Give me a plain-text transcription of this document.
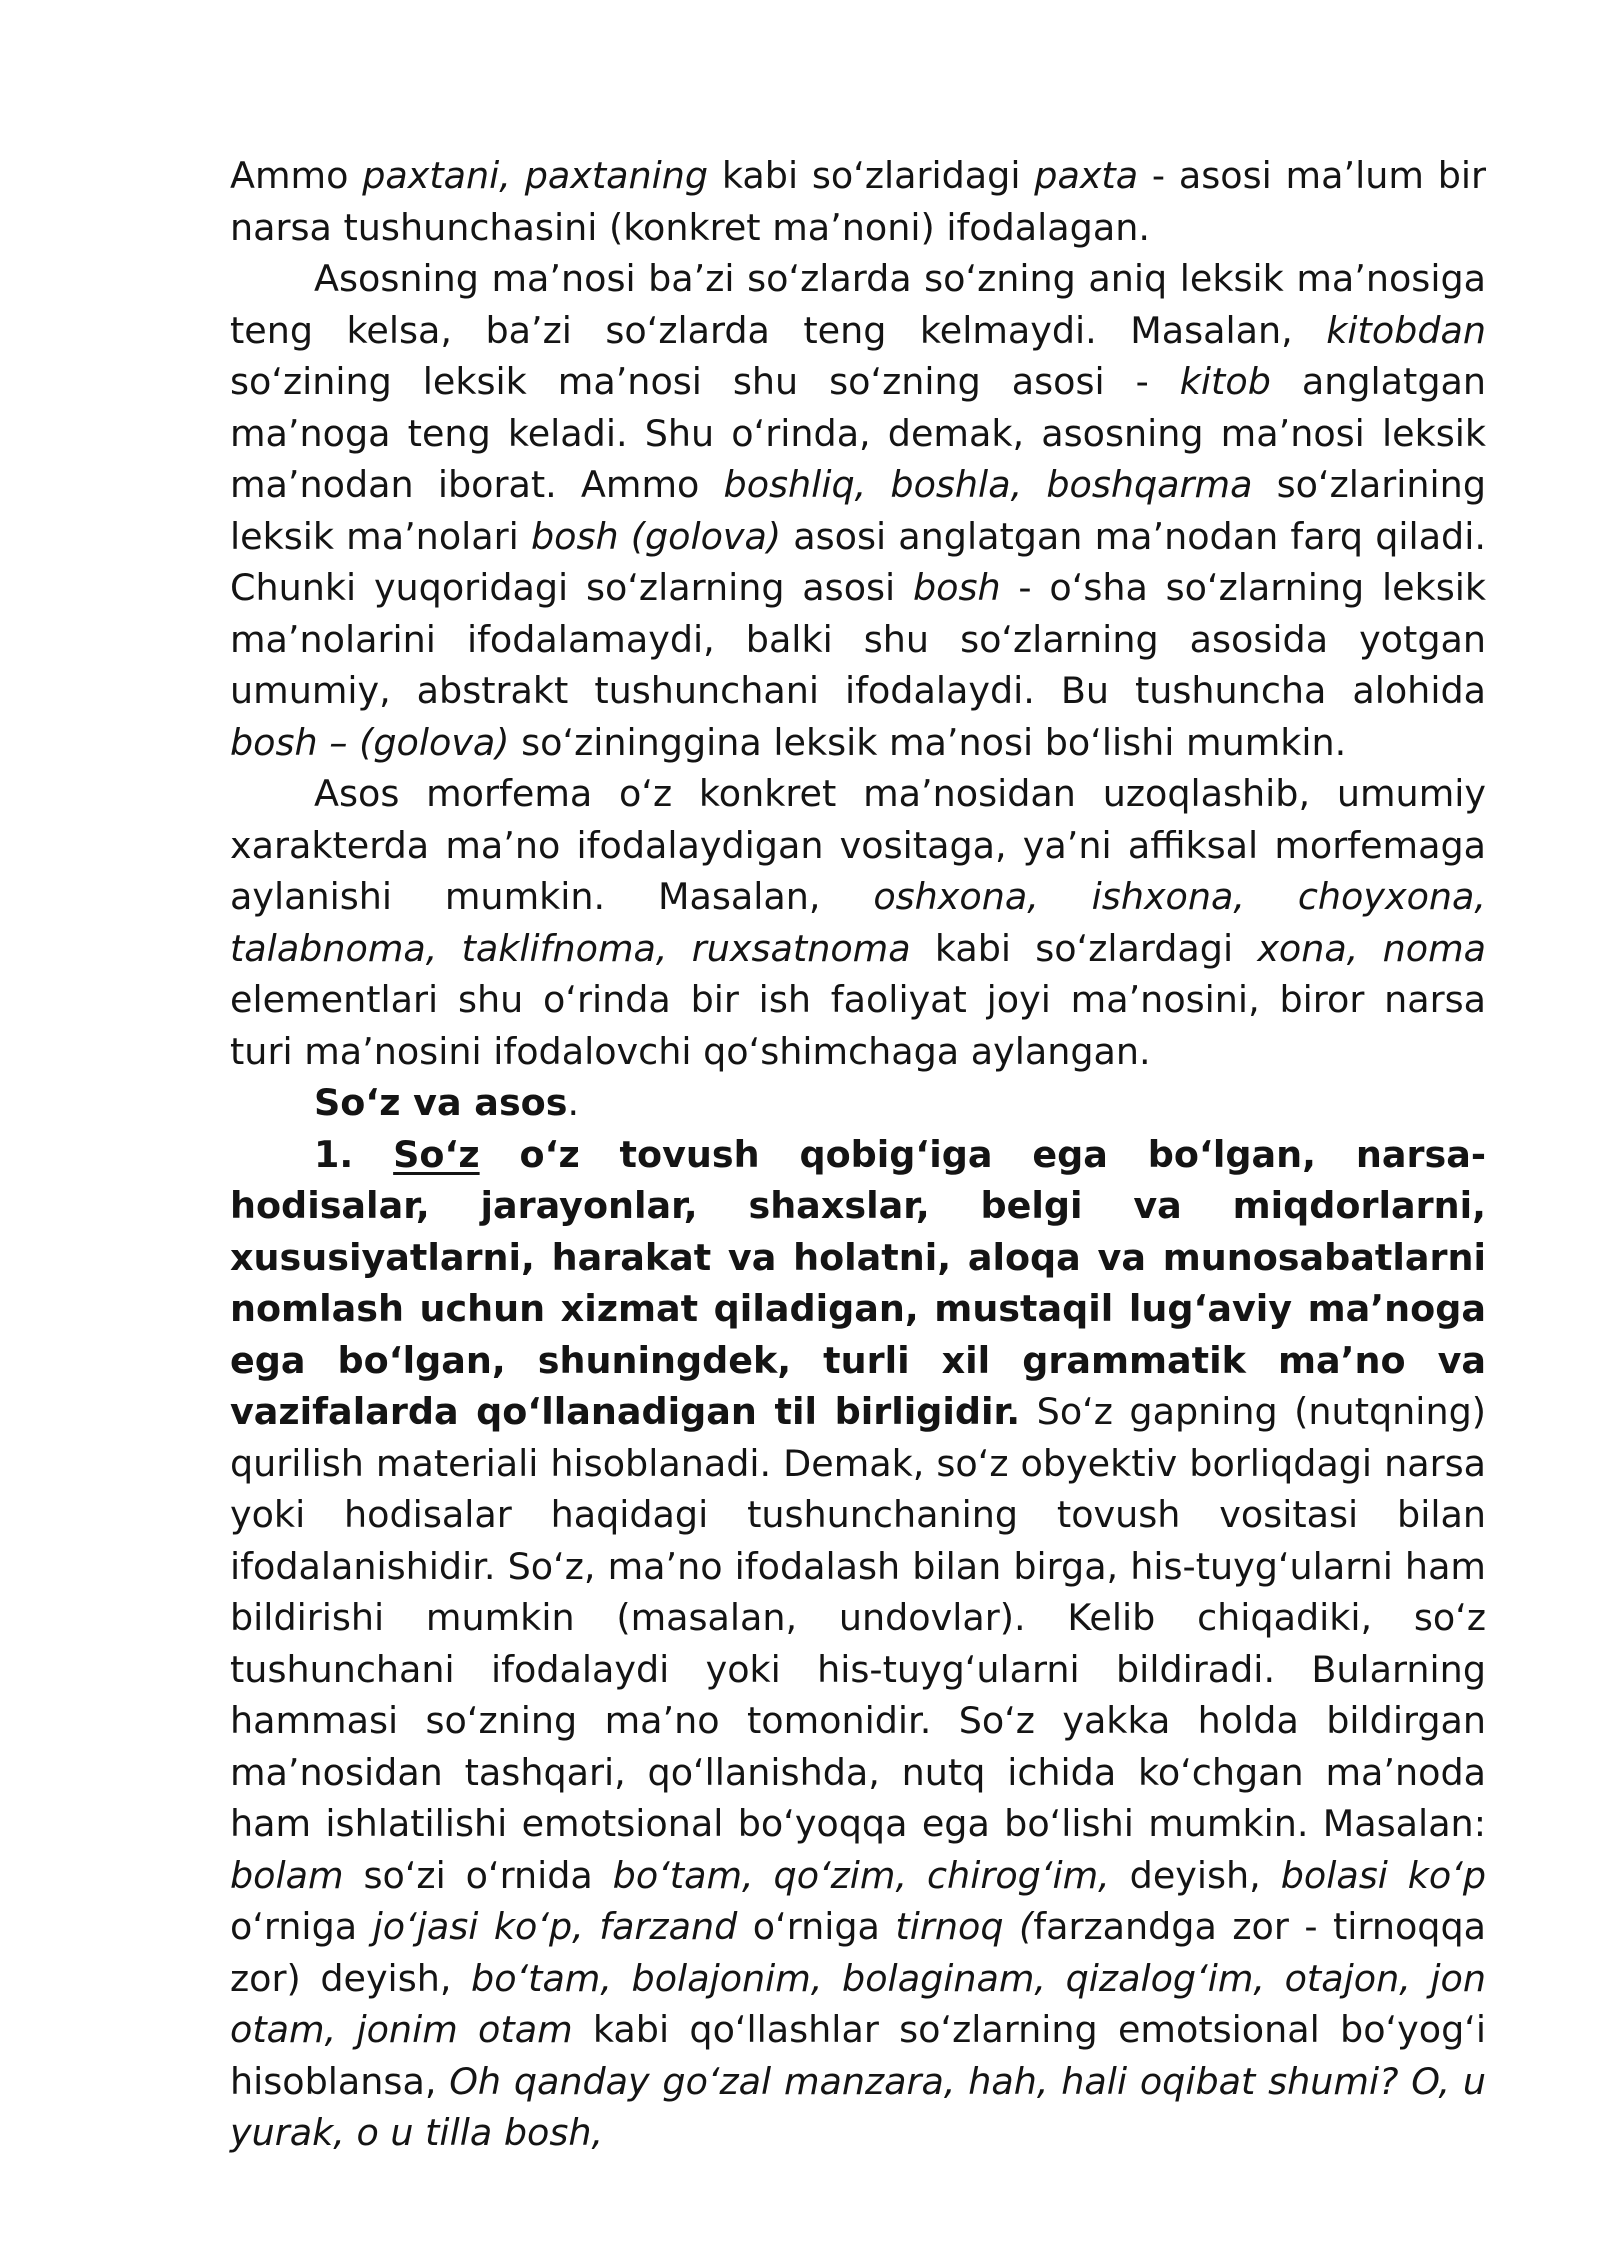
Ammo paxtani, paxtaning kabi soʻzlaridagi paxta - asosi maʼlum bir narsa tushunchasini (konkret maʼnoni) ifodalagan.

Asosning maʼnosi baʼzi soʻzlarda soʻzning aniq leksik maʼnosiga teng kelsa, baʼzi soʻzlarda teng kelmaydi. Masalan, kitobdan soʻzining leksik maʼnosi shu soʻzning asosi - kitob anglatgan maʼnoga teng keladi. Shu oʻrinda, demak, asosning maʼnosi leksik maʼnodan iborat. Ammo boshliq, boshla, boshqarma soʻzlarining leksik maʼnolari bosh (golova) asosi anglatgan maʼnodan farq qiladi. Chunki yuqoridagi soʻzlarning asosi bosh - oʻsha soʻzlarning leksik maʼnolarini ifodalamaydi, balki shu soʻzlarning asosida yotgan umumiy, abstrakt tushunchani ifodalaydi. Bu tushuncha alohida bosh – (golova) soʻzininggina leksik maʼnosi boʻlishi mumkin.

Asos morfema oʻz konkret maʼnosidan uzoqlashib, umumiy xarakterda maʼno ifodalaydigan vositaga, yaʼni affiksal morfemaga aylanishi mumkin. Masalan, oshxona, ishxona, choyxona, talabnoma, taklifnoma, ruxsatnoma kabi soʻzlardagi xona, noma elementlari shu oʻrinda bir ish faoliyat joyi maʼnosini, biror narsa turi maʼnosini ifodalovchi qoʻshimchaga aylangan.

Soʻz va asos.

1. Soʻz oʻz tovush qobigʻiga ega boʻlgan, narsa-hodisalar, jarayonlar, shaxslar, belgi va miqdorlarni, xususiyatlarni, harakat va holatni, aloqa va munosabatlarni nomlash uchun xizmat qiladigan, mustaqil lugʻaviy maʼnoga ega boʻlgan, shuningdek, turli xil grammatik maʼno va vazifalarda qoʻllanadigan til birligidir. Soʻz gapning (nutqning) qurilish materiali hisoblanadi. Demak, soʻz obyektiv borliqdagi narsa yoki hodisalar haqidagi tushunchaning tovush vositasi bilan ifodalanishidir. Soʻz, maʼno ifodalash bilan birga, his-tuygʻularni ham bildirishi mumkin (masalan, undovlar). Kelib chiqadiki, soʻz tushunchani ifodalaydi yoki his-tuygʻularni bildiradi. Bularning hammasi soʻzning maʼno tomonidir. Soʻz yakka holda bildirgan maʼnosidan tashqari, qoʻllanishda, nutq ichida koʻchgan maʼnoda ham ishlatilishi emotsional boʻyoqqa ega boʻlishi mumkin. Masalan: bolam soʻzi oʻrnida boʻtam, qoʻzim, chirogʻim, deyish, bolasi koʻp oʻrniga joʻjasi koʻp, farzand oʻrniga tirnoq (farzandga zor - tirnoqqa zor) deyish, boʻtam, bolajonim, bolaginam, qizalogʻim, otajon, jon otam, jonim otam kabi qoʻllashlar soʻzlarning emotsional boʻyogʻi hisoblansa, Oh qanday goʻzal manzara, hah, hali oqibat shumi? O, u yurak, o u tilla bosh,
